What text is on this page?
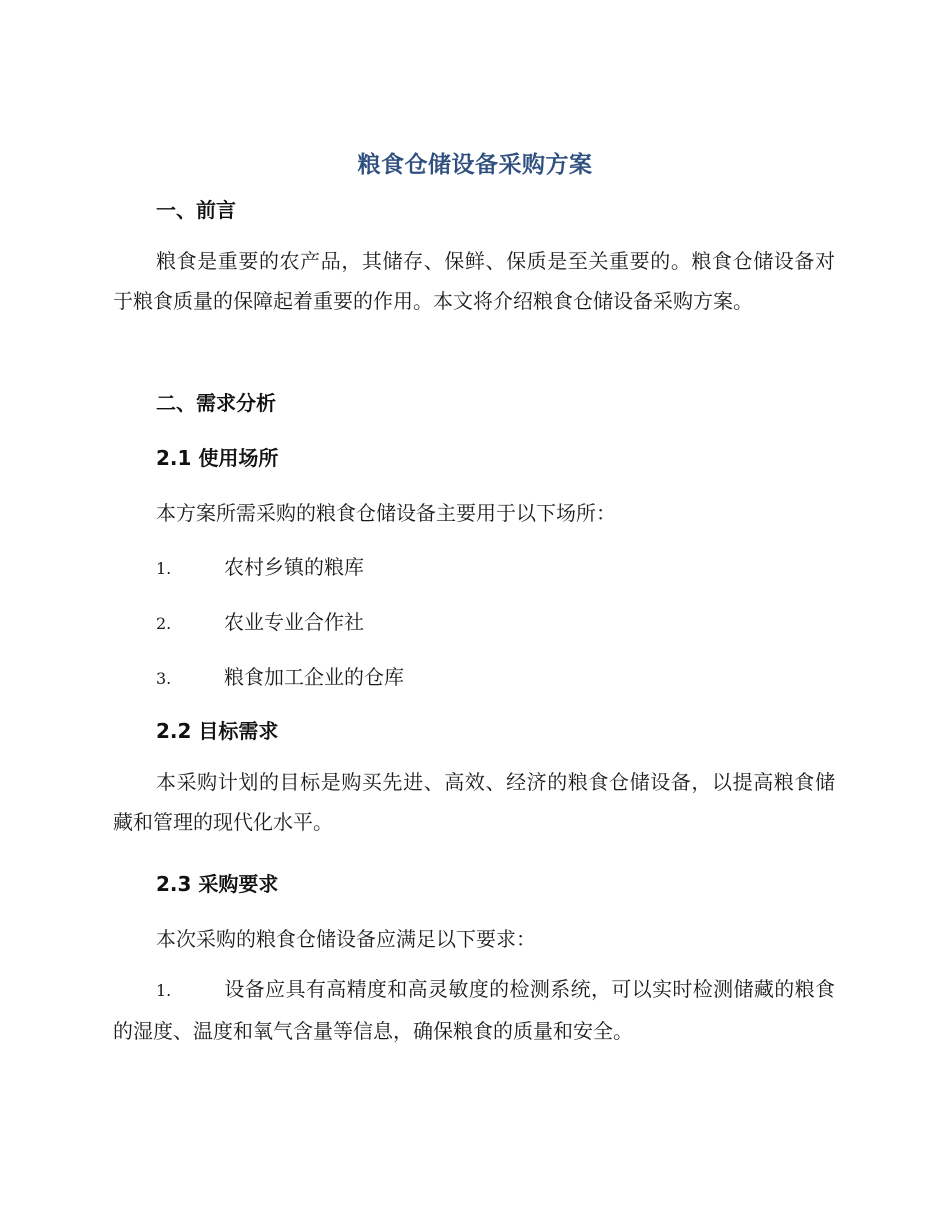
粮食仓储设备采购方案
一、前言
粮食是重要的农产品，其储存、保鲜、保质是至关重要的。粮食仓储设备对于粮食质量的保障起着重要的作用。本文将介绍粮食仓储设备采购方案。
二、需求分析
2.1 使用场所
本方案所需采购的粮食仓储设备主要用于以下场所：
1.	农村乡镇的粮库
2.	农业专业合作社
3.	粮食加工企业的仓库
2.2 目标需求
本采购计划的目标是购买先进、高效、经济的粮食仓储设备，以提高粮食储藏和管理的现代化水平。
2.3 采购要求
本次采购的粮食仓储设备应满足以下要求：
1.	设备应具有高精度和高灵敏度的检测系统，可以实时检测储藏的粮食的湿度、温度和氧气含量等信息，确保粮食的质量和安全。
